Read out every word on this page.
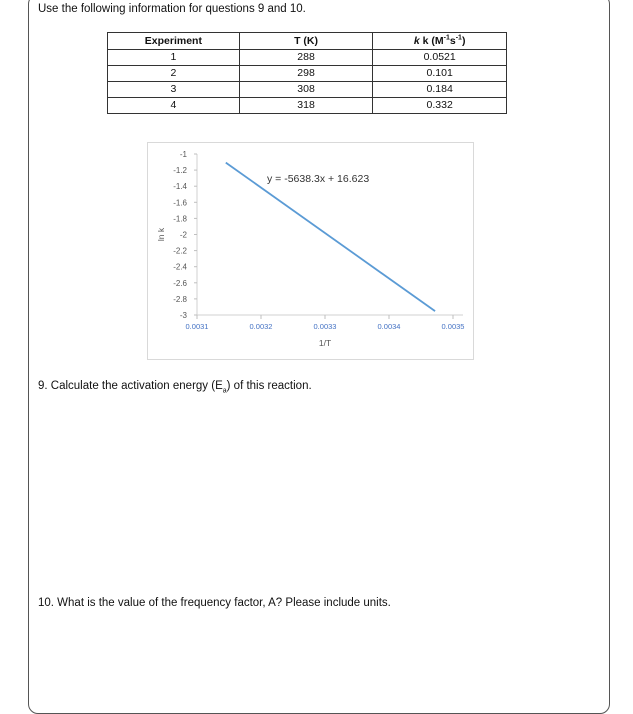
Use the following information for questions 9 and 10.
Experiment	T (K)	k k $(M^{-1}s^{-1})$
1	288	0.0521
2	298	0.101
3	308	0.184
4	318	0.332
-1
-1.2
-1.4
-1.6
-1.8
-2
-2.2
-2.4
-2.6
-2.8
-3
0.0031	0.0032	0.0033	0.0034	0.0035
1/T
ln k
y = -5638.3x + 16.623
9. Calculate the activation energy $(E_a)$ of this reaction.
10. What is the value of the frequency factor, A? Please include units.
